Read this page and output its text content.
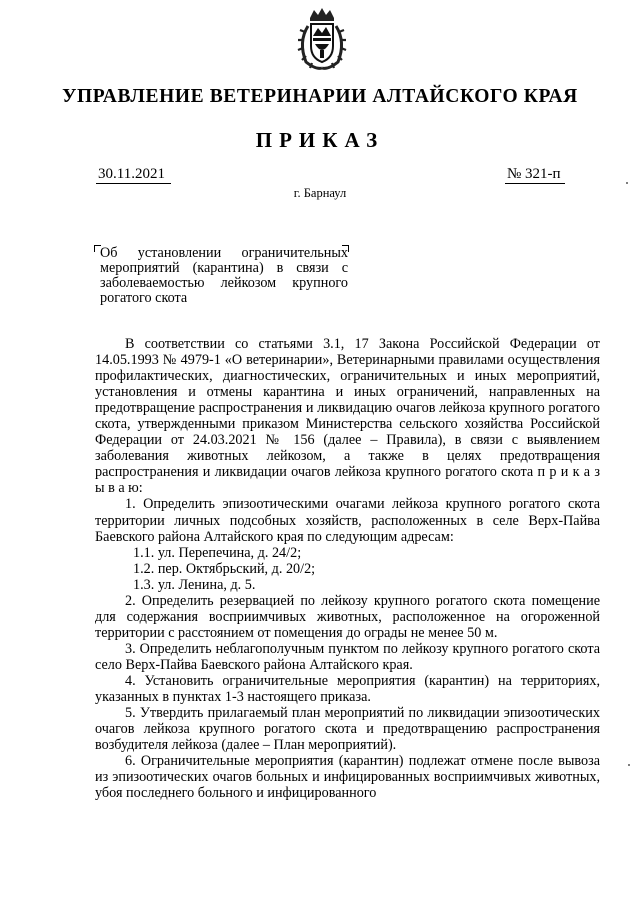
УПРАВЛЕНИЕ ВЕТЕРИНАРИИ АЛТАЙСКОГО КРАЯ
ПРИКАЗ
30.11.2021	№ 321-п
г. Барнаул
Об установлении ограничительных мероприятий (карантина) в связи с заболеваемостью лейкозом крупного рогатого скота

В соответствии со статьями 3.1, 17 Закона Российской Федерации от 14.05.1993 № 4979-1 «О ветеринарии», Ветеринарными правилами осуществления профилактических, диагностических, ограничительных и иных мероприятий, установления и отмены карантина и иных ограничений, направленных на предотвращение распространения и ликвидацию очагов лейкоза крупного рогатого скота, утвержденными приказом Министерства сельского хозяйства Российской Федерации от 24.03.2021 № 156 (далее – Правила), в связи с выявлением заболевания животных лейкозом, а также в целях предотвращения распространения и ликвидации очагов лейкоза крупного рогатого скота п р и к а з ы в а ю:

1. Определить эпизоотическими очагами лейкоза крупного рогатого скота территории личных подсобных хозяйств, расположенных в селе Верх-Пайва Баевского района Алтайского края по следующим адресам:

1.1. ул. Перепечина, д. 24/2;

1.2. пер. Октябрьский, д. 20/2;

1.3. ул. Ленина, д. 5.

2. Определить резервацией по лейкозу крупного рогатого скота помещение для содержания восприимчивых животных, расположенное на огороженной территории с расстоянием от помещения до ограды не менее 50 м.

3. Определить неблагополучным пунктом по лейкозу крупного рогатого скота село Верх-Пайва Баевского района Алтайского края.

4. Установить ограничительные мероприятия (карантин) на территориях, указанных в пунктах 1-3 настоящего приказа.

5. Утвердить прилагаемый план мероприятий по ликвидации эпизоотических очагов лейкоза крупного рогатого скота и предотвращению распространения возбудителя лейкоза (далее – План мероприятий).

6. Ограничительные мероприятия (карантин) подлежат отмене после вывоза из эпизоотических очагов больных и инфицированных восприимчивых животных, убоя последнего больного и инфицированного
